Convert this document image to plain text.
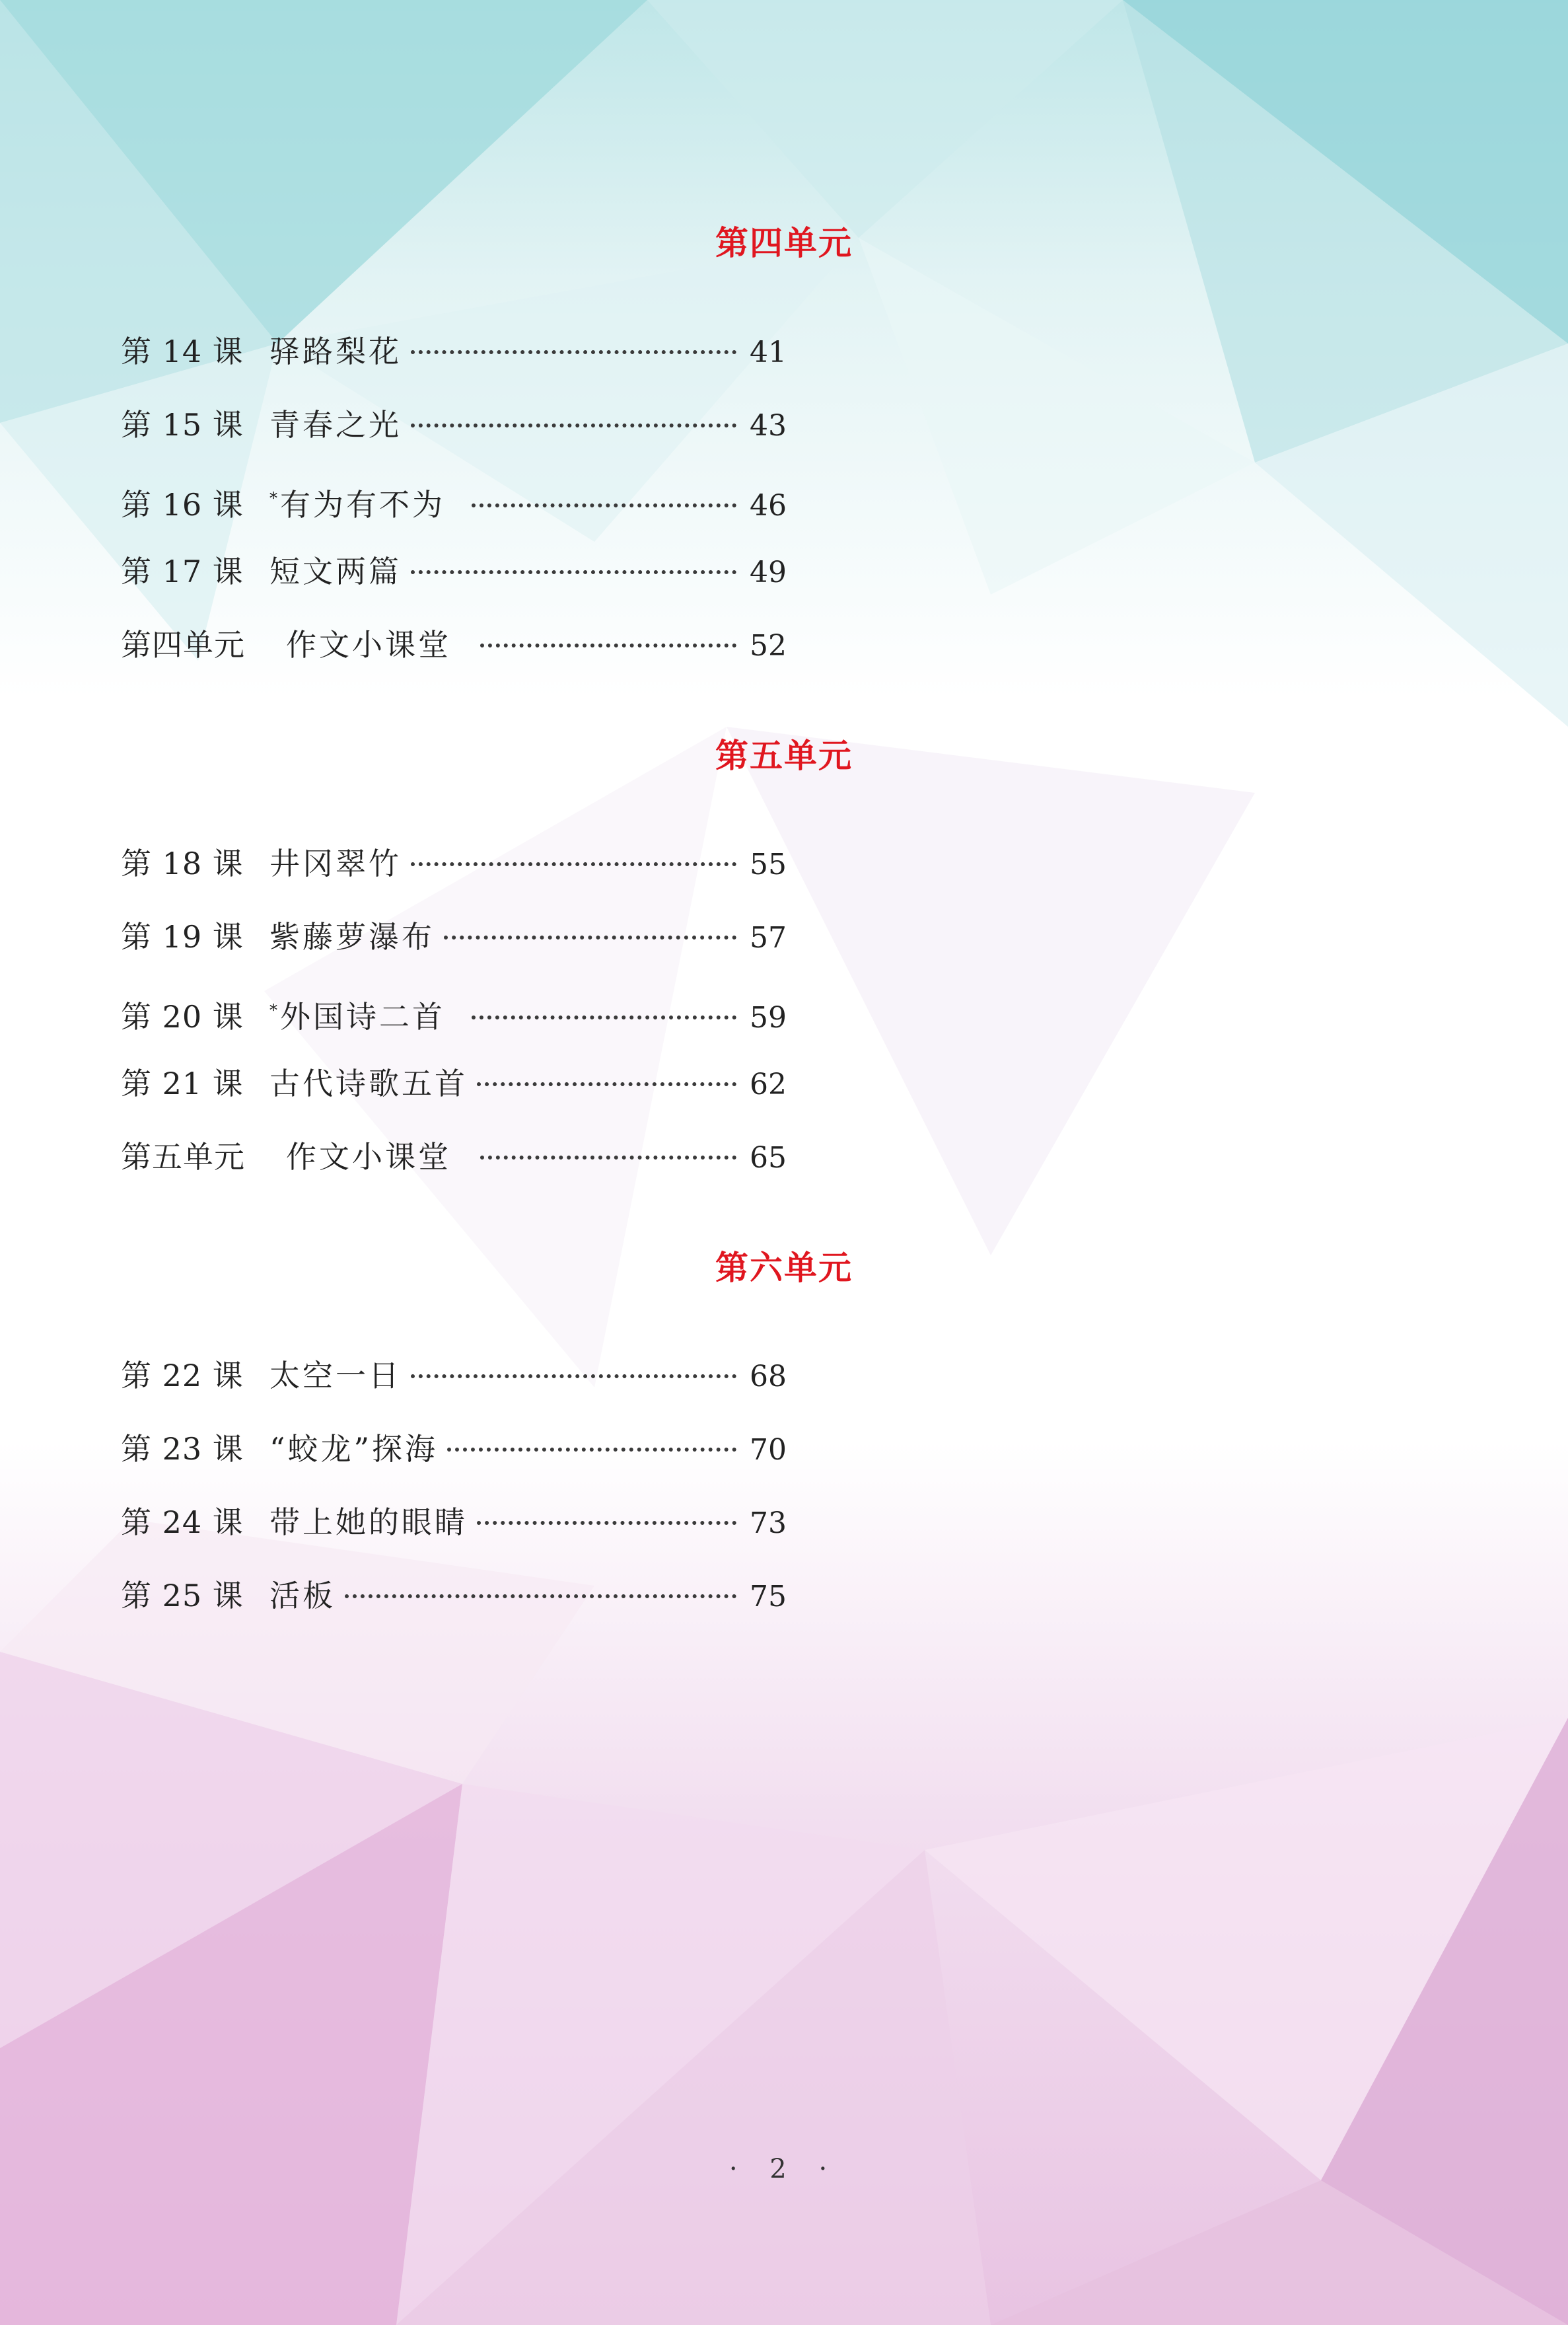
第四单元
第 14 课 驿路梨花	41
第 15 课 青春之光	43
第 16 课	*有为有不为	46
第 17 课 短文两篇	49
第四单元	作文小课堂	52
第五单元
第 18 课 井冈翠竹	55
第 19 课 紫藤萝瀑布	57
第 20 课	*外国诗二首	59
第 21 课 古代诗歌五首	62
第五单元	作文小课堂	65
第六单元
第 22 课 太空一日	68
第 23 课 “蛟龙”探海	70
第 24 课 带上她的眼睛	73
第 25 课 活板	75
· 2 ·
